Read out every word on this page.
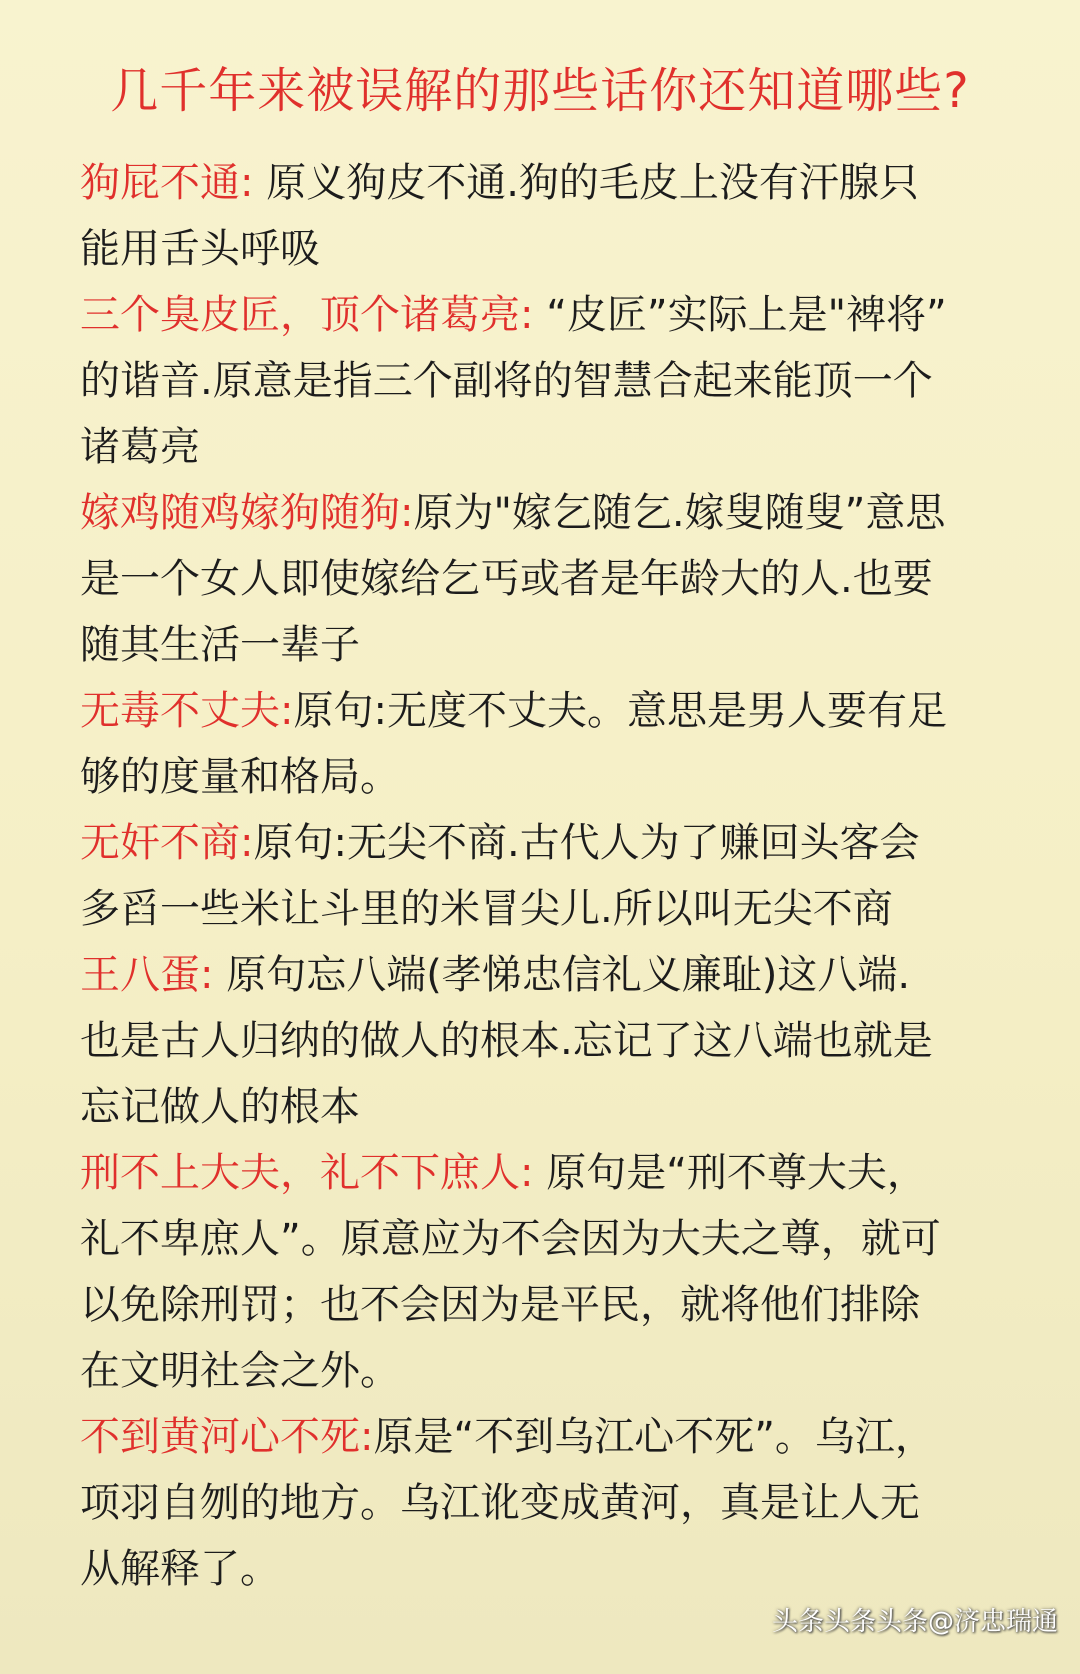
几千年来被误解的那些话你还知道哪些?
狗屁不通: 原义狗皮不通.狗的毛皮上没有汗腺只
能用舌头呼吸
三个臭皮匠，顶个诸葛亮: “皮匠”实际上是"裨将”
的谐音.原意是指三个副将的智慧合起来能顶一个
诸葛亮
嫁鸡随鸡嫁狗随狗:原为"嫁乞随乞.嫁叟随叟”意思
是一个女人即使嫁给乞丐或者是年龄大的人.也要
随其生活一辈子
无毒不丈夫:原句:无度不丈夫。意思是男人要有足
够的度量和格局。
无奸不商:原句:无尖不商.古代人为了赚回头客会
多舀一些米让斗里的米冒尖儿.所以叫无尖不商
王八蛋: 原句忘八端(孝悌忠信礼义廉耻)这八端.
也是古人归纳的做人的根本.忘记了这八端也就是
忘记做人的根本
刑不上大夫，礼不下庶人: 原句是“刑不尊大夫，
礼不卑庶人”。原意应为不会因为大夫之尊，就可
以免除刑罚；也不会因为是平民，就将他们排除
在文明社会之外。
不到黄河心不死:原是“不到乌江心不死”。乌江，
项羽自刎的地方。乌江讹变成黄河，真是让人无
从解释了。
头条头条头条@济忠瑞通
